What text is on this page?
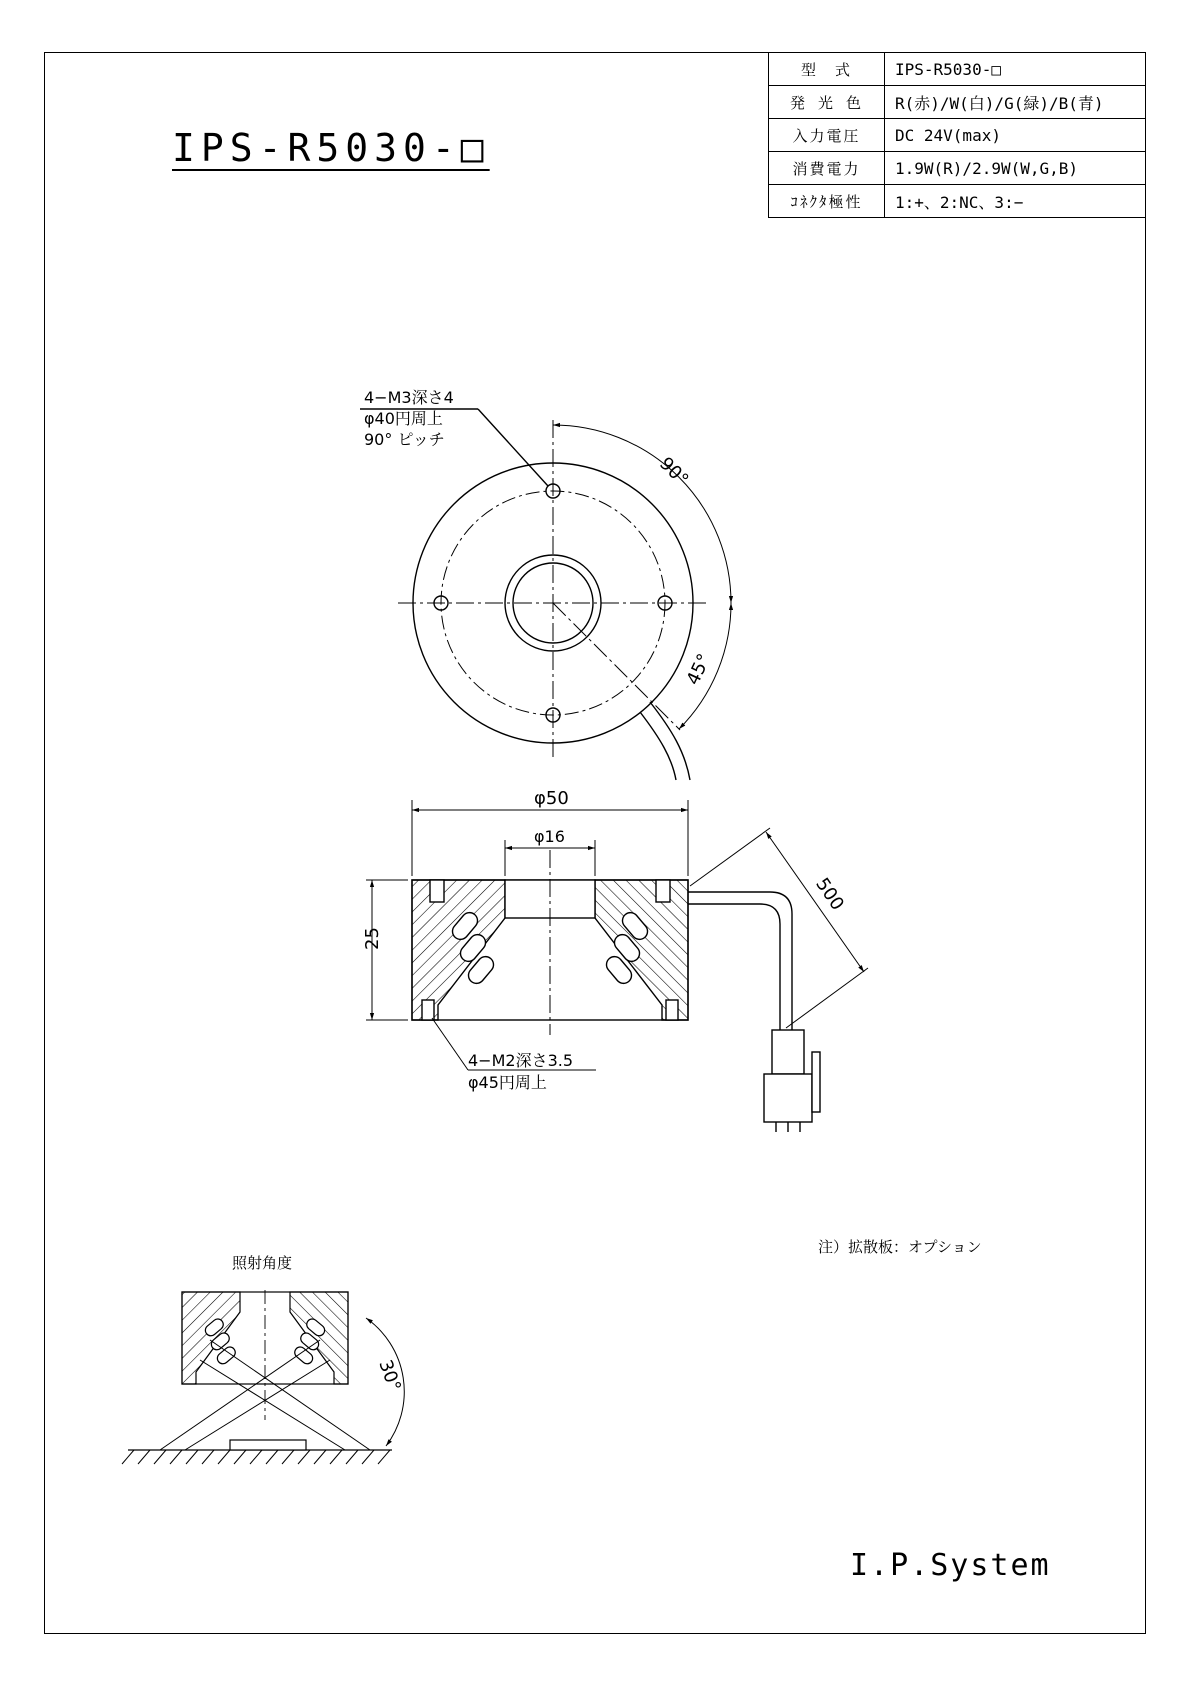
IPS-R5030-□
型　式	IPS-R5030-□
発 光 色	R(赤)/W(白)/G(緑)/B(青)
入力電圧	DC 24V(max)
消費電力	1.9W(R)/2.9W(W,G,B)
ｺﾈｸﾀ極性	1:+、2:NC、3:−
4−M3深さ4
φ40円周上
90° ピッチ
90°
45°
φ50
φ16
25
500
4−M2深さ3.5
φ45円周上
注）拡散板：オプション
照射角度
30°
I.P.System
